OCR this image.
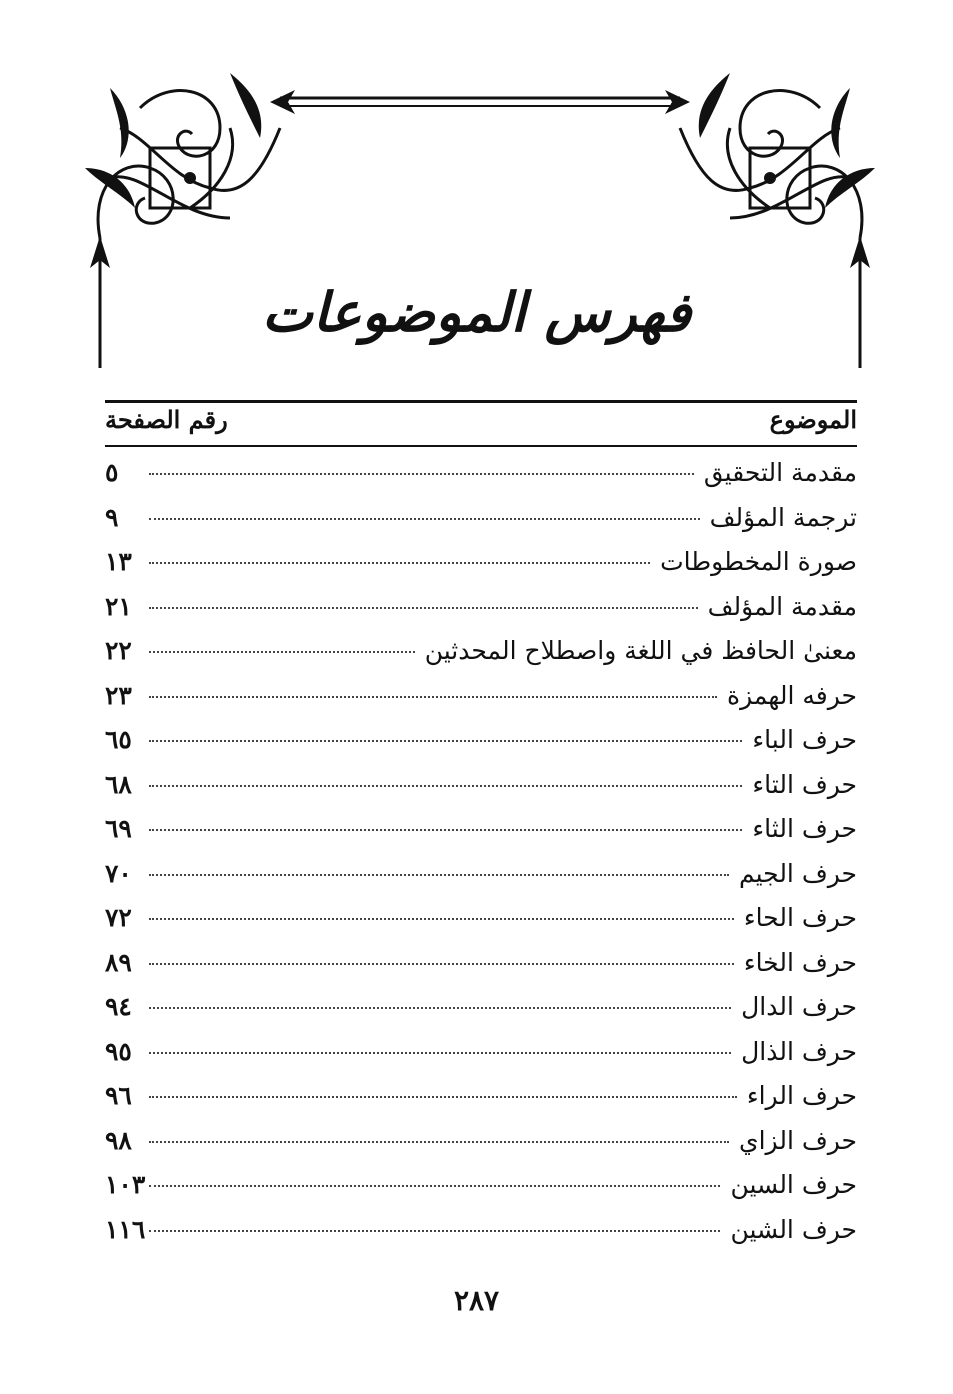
فهرس الموضوعات
الموضوع
رقم الصفحة
مقدمة التحقيق
٥
ترجمة المؤلف
٩
صورة المخطوطات
١٣
مقدمة المؤلف
٢١
معنىٰ الحافظ في اللغة واصطلاح المحدثين
٢٢
حرفه الهمزة
٢٣
حرف الباء
٦٥
حرف التاء
٦٨
حرف الثاء
٦٩
حرف الجيم
٧٠
حرف الحاء
٧٢
حرف الخاء
٨٩
حرف الدال
٩٤
حرف الذال
٩٥
حرف الراء
٩٦
حرف الزاي
٩٨
حرف السين
١٠٣
حرف الشين
١١٦
٢٨٧
